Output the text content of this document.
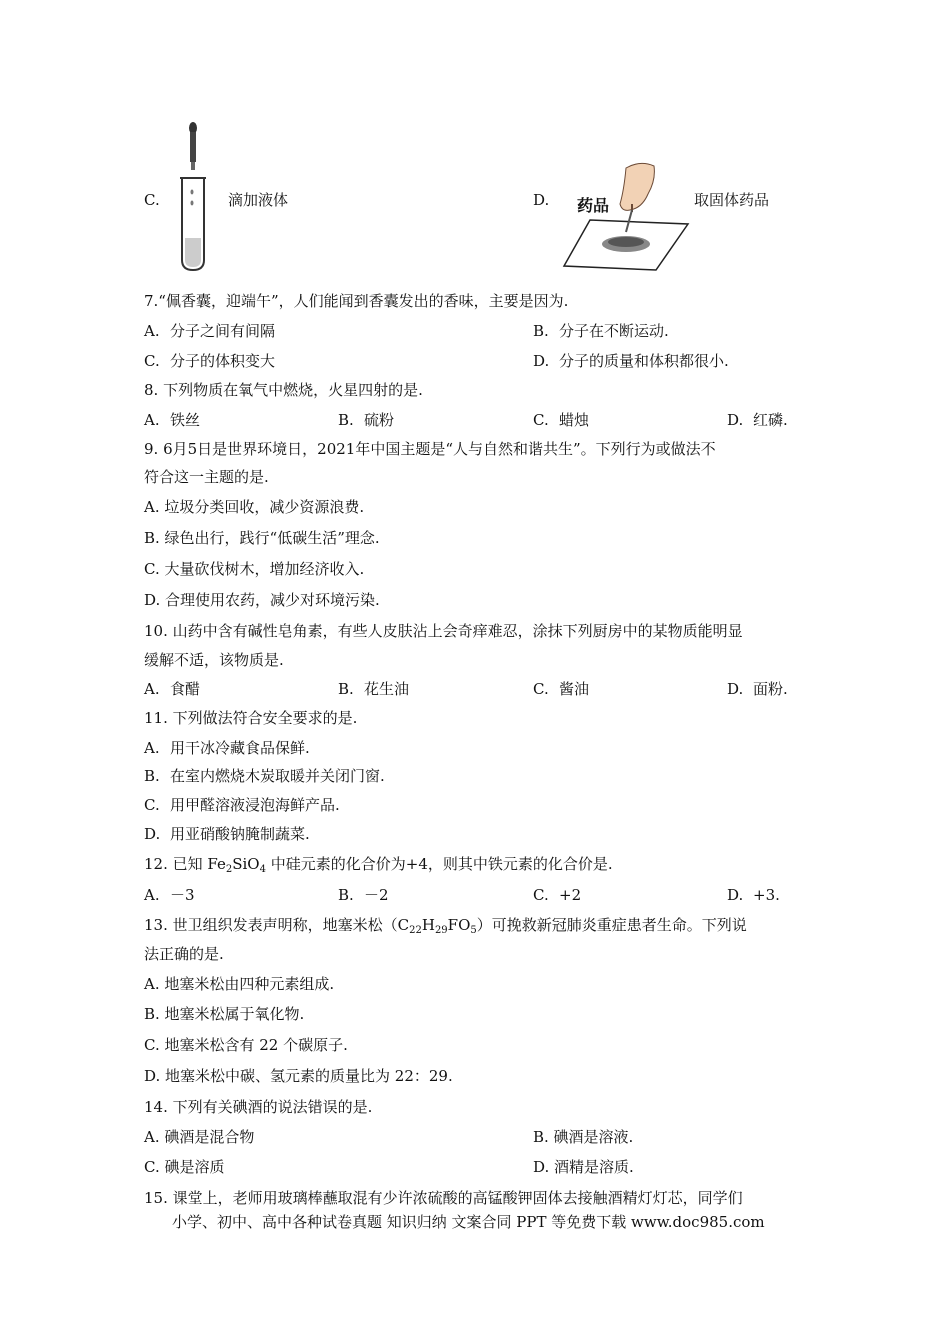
C.	滴加液体	D. 药品	取固体药品
7.“佩香囊，迎端午”，人们能闻到香囊发出的香味，主要是因为.
A. 分子之间有间隔	B. 分子在不断运动.
C. 分子的体积变大	D. 分子的质量和体积都很小.
8. 下列物质在氧气中燃烧，火星四射的是.
A. 铁丝	B. 硫粉	C. 蜡烛	D. 红磷.
9. 6月5日是世界环境日，2021年中国主题是“人与自然和谐共生”。下列行为或做法不
符合这一主题的是.
A. 垃圾分类回收，减少资源浪费.
B. 绿色出行，践行“低碳生活”理念.
C. 大量砍伐树木，增加经济收入.
D. 合理使用农药，减少对环境污染.
10. 山药中含有碱性皂角素，有些人皮肤沾上会奇痒难忍，涂抹下列厨房中的某物质能明显
缓解不适，该物质是.
A. 食醋	B. 花生油	C. 酱油	D. 面粉.
11. 下列做法符合安全要求的是.
A. 用干冰冷藏食品保鲜.
B. 在室内燃烧木炭取暖并关闭门窗.
C. 用甲醛溶液浸泡海鲜产品.
D. 用亚硝酸钠腌制蔬菜.
12. 已知 $Fe_2SiO_4$ 中硅元素的化合价为+4，则其中铁元素的化合价是.
A. －3	B. －2	C. +2	D. +3.
13. 世卫组织发表声明称，地塞米松$(C_{22}H_{29}FO_5)$可挽救新冠肺炎重症患者生命。下列说
法正确的是.
A. 地塞米松由四种元素组成.
B. 地塞米松属于氧化物.
C. 地塞米松含有 22 个碳原子.
D. 地塞米松中碳、氢元素的质量比为 22：29.
14. 下列有关碘酒的说法错误的是.
A. 碘酒是混合物	B. 碘酒是溶液.
C. 碘是溶质	D. 酒精是溶质.
15. 课堂上，老师用玻璃棒蘸取混有少许浓硫酸的高锰酸钾固体去接触酒精灯灯芯，同学们
小学、初中、高中各种试卷真题 知识归纳 文案合同 PPT 等免费下载 www.doc985.com
